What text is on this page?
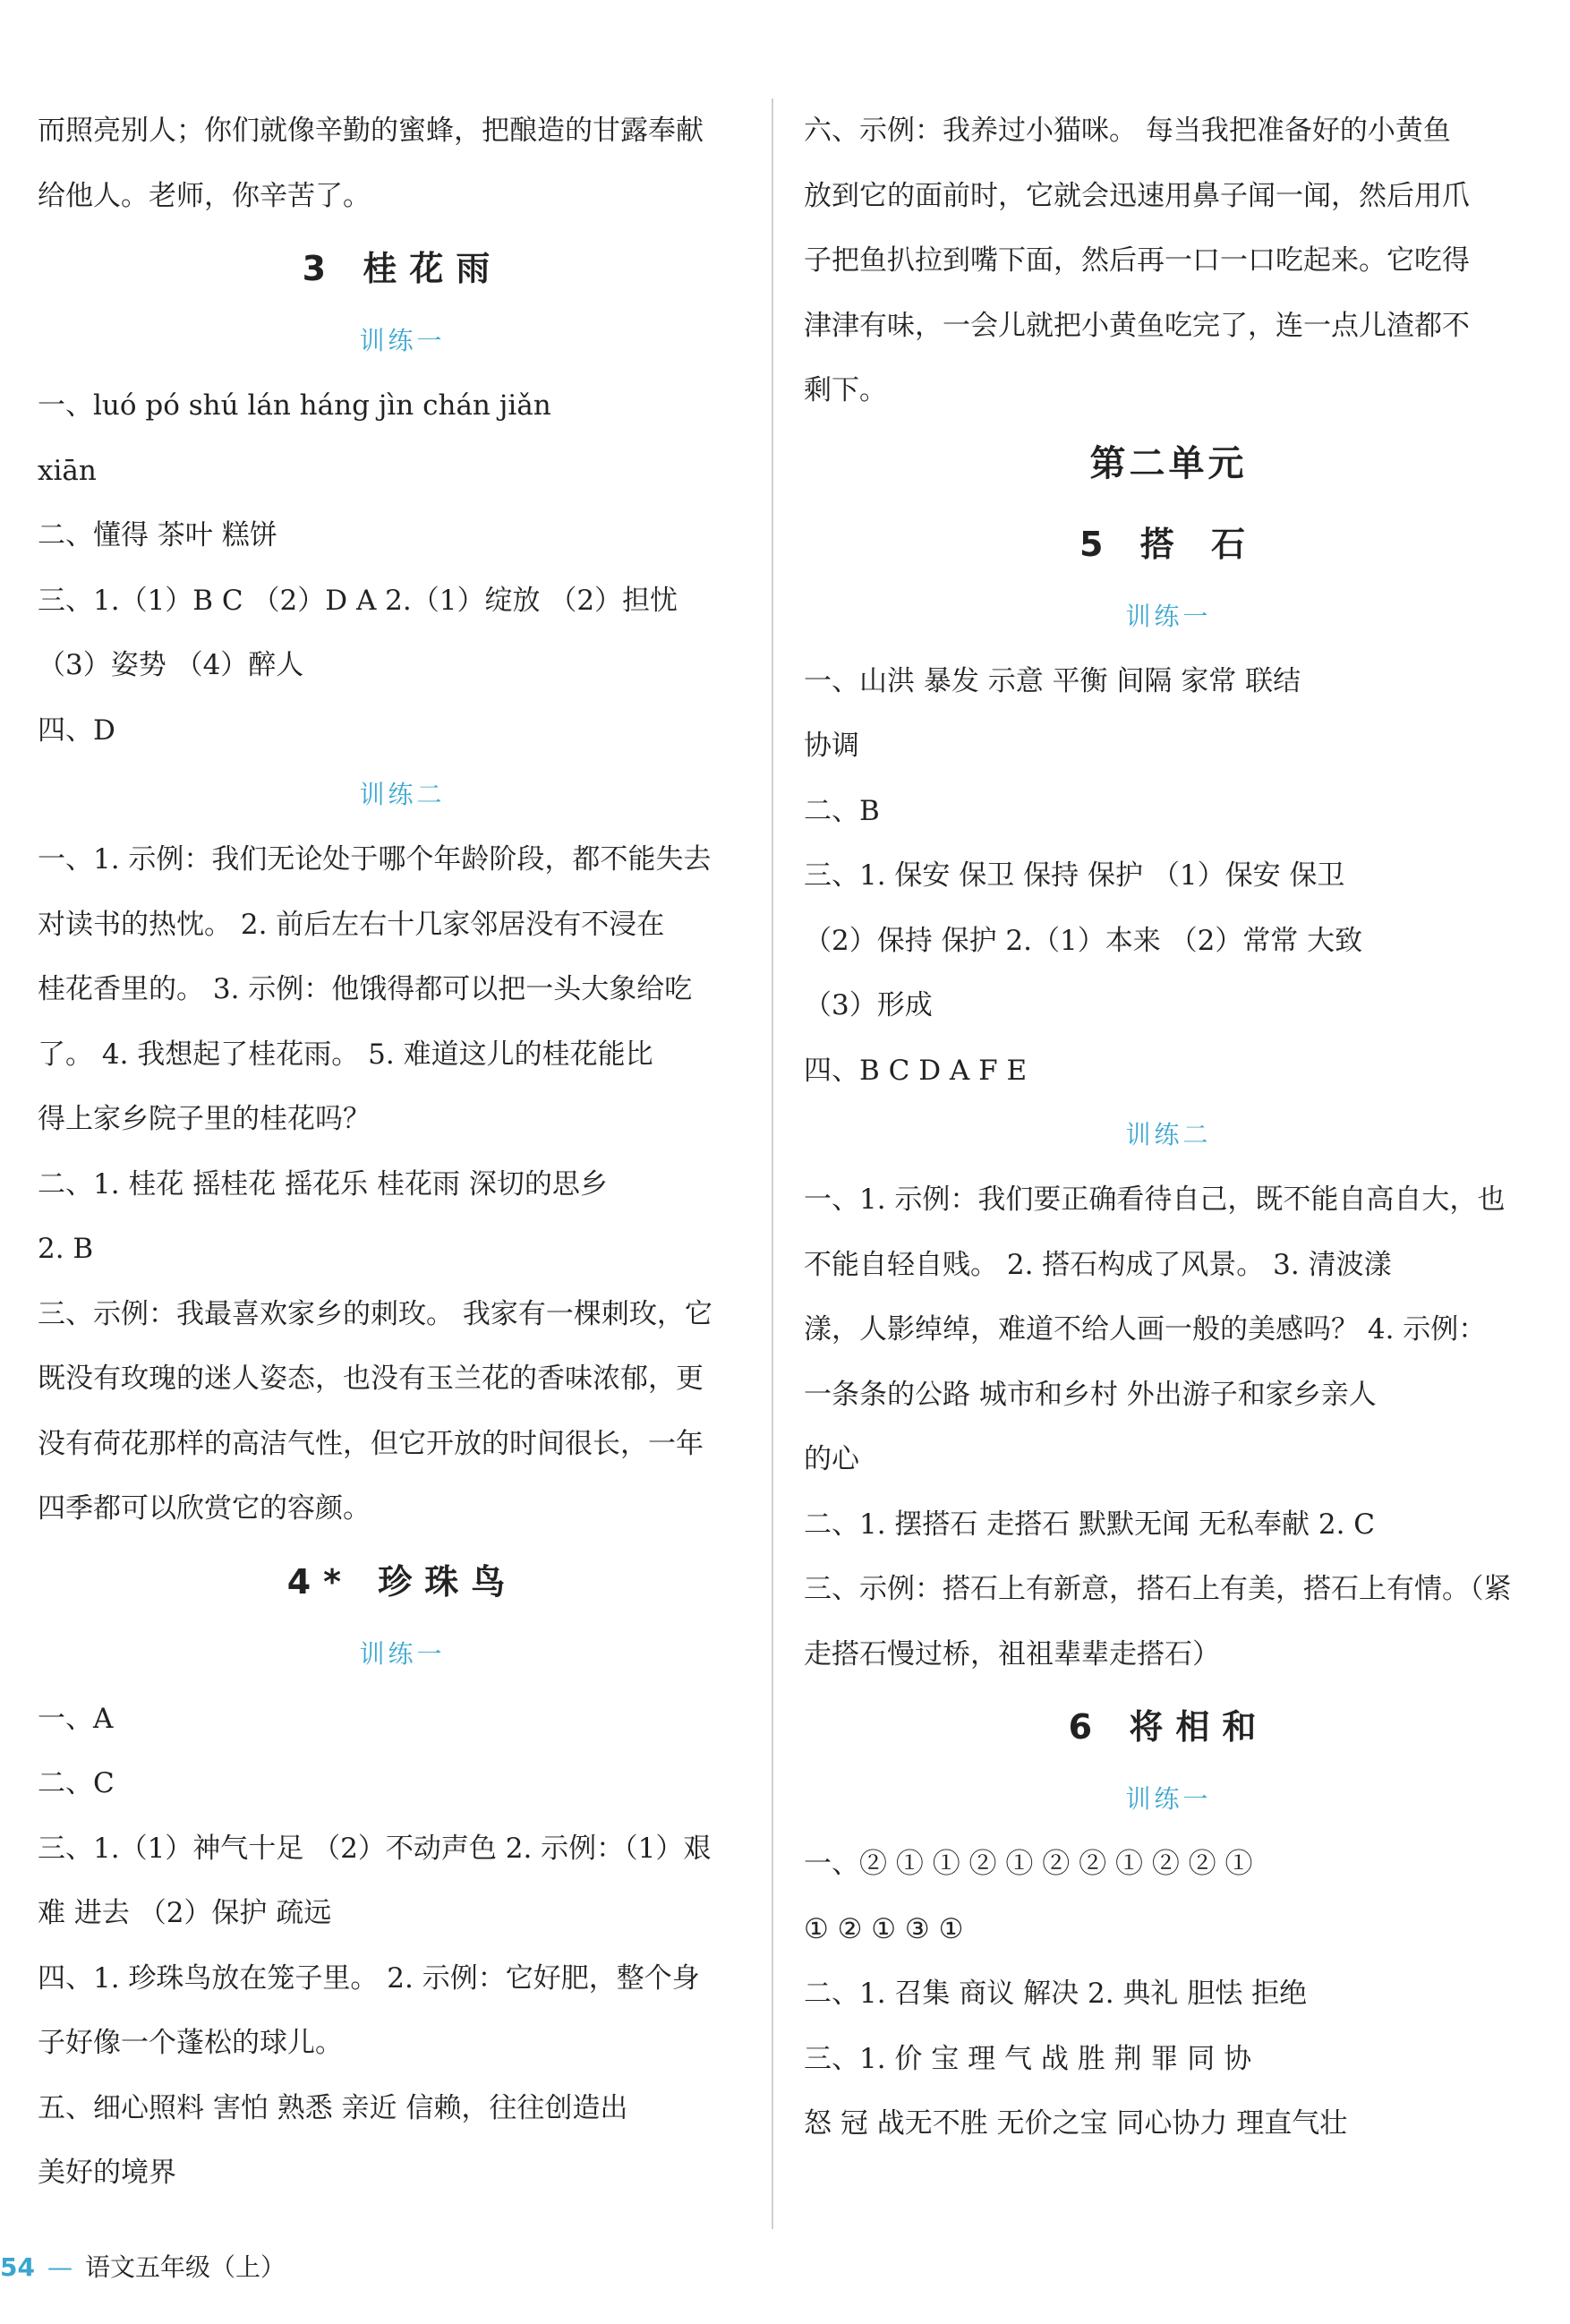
而照亮别人；你们就像辛勤的蜜蜂，把酿造的甘露奉献
给他人。老师，你辛苦了。
3 桂花雨
训练一
一、luó pó shú lán háng jìn chán jiǎn
xiān
二、懂得 茶叶 糕饼
三、1.（1）B C （2）D A 2.（1）绽放 （2）担忧
（3）姿势 （4）醉人
四、D
训练二
一、1. 示例：我们无论处于哪个年龄阶段，都不能失去
对读书的热忱。 2. 前后左右十几家邻居没有不浸在
桂花香里的。 3. 示例：他饿得都可以把一头大象给吃
了。 4. 我想起了桂花雨。 5. 难道这儿的桂花能比
得上家乡院子里的桂花吗？
二、1. 桂花 摇桂花 摇花乐 桂花雨 深切的思乡
2. B
三、示例：我最喜欢家乡的刺玫。 我家有一棵刺玫，它
既没有玫瑰的迷人姿态，也没有玉兰花的香味浓郁，更
没有荷花那样的高洁气性，但它开放的时间很长，一年
四季都可以欣赏它的容颜。
4* 珍珠鸟
训练一
一、A
二、C
三、1.（1）神气十足 （2）不动声色 2. 示例：（1）艰
难 进去 （2）保护 疏远
四、1. 珍珠鸟放在笼子里。 2. 示例：它好肥，整个身
子好像一个蓬松的球儿。
五、细心照料 害怕 熟悉 亲近 信赖，往往创造出
美好的境界
六、示例：我养过小猫咪。 每当我把准备好的小黄鱼
放到它的面前时，它就会迅速用鼻子闻一闻，然后用爪
子把鱼扒拉到嘴下面，然后再一口一口吃起来。它吃得
津津有味，一会儿就把小黄鱼吃完了，连一点儿渣都不
剩下。
第二单元
5 搭 石
训练一
一、山洪 暴发 示意 平衡 间隔 家常 联结
协调
二、B
三、1. 保安 保卫 保持 保护 （1）保安 保卫
（2）保持 保护 2.（1）本来 （2）常常 大致
（3）形成
四、B C D A F E
训练二
一、1. 示例：我们要正确看待自己，既不能自高自大，也
不能自轻自贱。 2. 搭石构成了风景。 3. 清波漾
漾，人影绰绰，难道不给人画一般的美感吗？ 4. 示例：
一条条的公路 城市和乡村 外出游子和家乡亲人
的心
二、1. 摆搭石 走搭石 默默无闻 无私奉献 2. C
三、示例：搭石上有新意，搭石上有美，搭石上有情。（紧
走搭石慢过桥，祖祖辈辈走搭石）
6 将相和
训练一
一、② ① ① ② ① ② ② ① ② ② ①
① ② ① ③ ①
二、1. 召集 商议 解决 2. 典礼 胆怯 拒绝
三、1. 价 宝 理 气 战 胜 荆 罪 同 协
怒 冠 战无不胜 无价之宝 同心协力 理直气壮
54 — 语文五年级（上）
